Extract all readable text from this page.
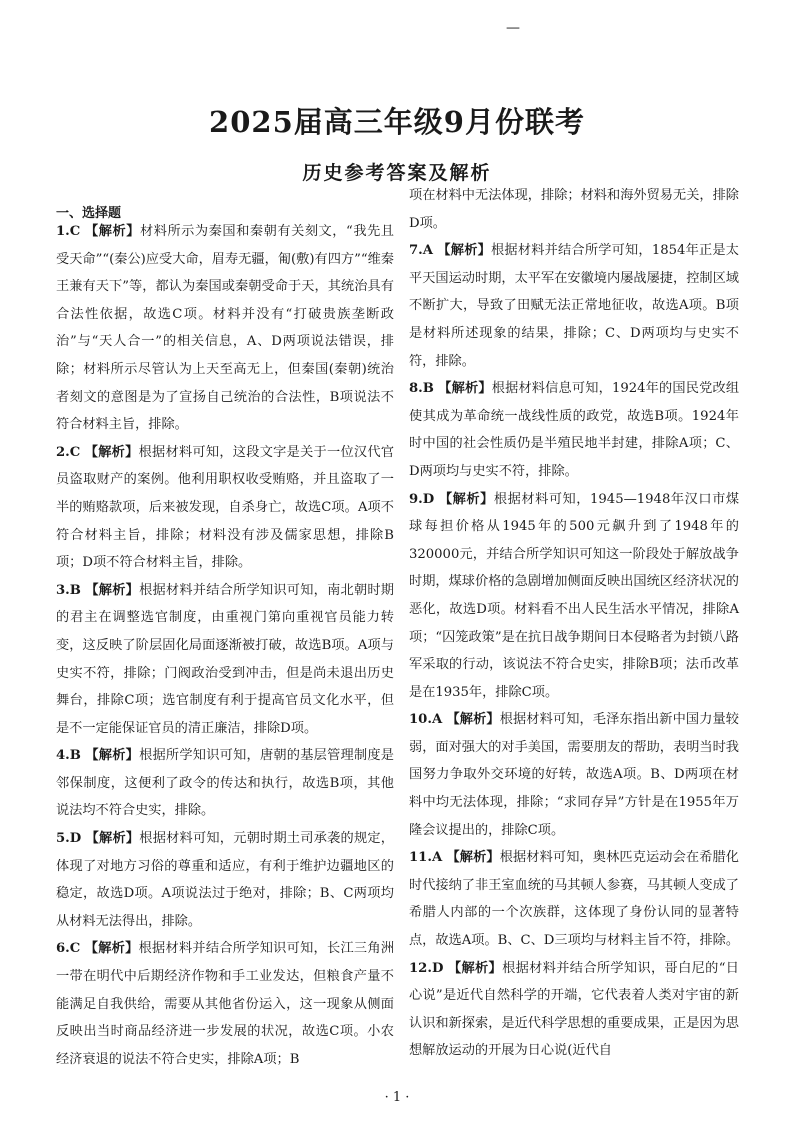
—
2025届高三年级9月份联考
历史参考答案及解析
一、选择题

1.C 【解析】材料所示为秦国和秦朝有关刻文，“我先且受天命”“(秦公)应受大命，眉寿无疆，匍(敷)有四方”“维秦王兼有天下”等，都认为秦国或秦朝受命于天，其统治具有合法性依据，故选C项。材料并没有“打破贵族垄断政治”与“天人合一”的相关信息，A、D两项说法错误，排除；材料所示尽管认为上天至高无上，但秦国(秦朝)统治者刻文的意图是为了宣扬自己统治的合法性，B项说法不符合材料主旨，排除。

2.C 【解析】根据材料可知，这段文字是关于一位汉代官员盗取财产的案例。他利用职权收受贿赂，并且盗取了一半的贿赂款项，后来被发现，自杀身亡，故选C项。A项不符合材料主旨，排除；材料没有涉及儒家思想，排除B项；D项不符合材料主旨，排除。

3.B 【解析】根据材料并结合所学知识可知，南北朝时期的君主在调整选官制度，由重视门第向重视官员能力转变，这反映了阶层固化局面逐渐被打破，故选B项。A项与史实不符，排除；门阀政治受到冲击，但是尚未退出历史舞台，排除C项；选官制度有利于提高官员文化水平，但是不一定能保证官员的清正廉洁，排除D项。

4.B 【解析】根据所学知识可知，唐朝的基层管理制度是邻保制度，这便利了政令的传达和执行，故选B项，其他说法均不符合史实，排除。

5.D 【解析】根据材料可知，元朝时期土司承袭的规定，体现了对地方习俗的尊重和适应，有利于维护边疆地区的稳定，故选D项。A项说法过于绝对，排除；B、C两项均从材料无法得出，排除。

6.C 【解析】根据材料并结合所学知识可知，长江三角洲一带在明代中后期经济作物和手工业发达，但粮食产量不能满足自我供给，需要从其他省份运入，这一现象从侧面反映出当时商品经济进一步发展的状况，故选C项。小农经济衰退的说法不符合史实，排除A项；B

项在材料中无法体现，排除；材料和海外贸易无关，排除D项。

7.A 【解析】根据材料并结合所学可知，1854年正是太平天国运动时期，太平军在安徽境内屡战屡捷，控制区域不断扩大，导致了田赋无法正常地征收，故选A项。B项是材料所述现象的结果，排除；C、D两项均与史实不符，排除。

8.B 【解析】根据材料信息可知，1924年的国民党改组使其成为革命统一战线性质的政党，故选B项。1924年时中国的社会性质仍是半殖民地半封建，排除A项；C、D两项均与史实不符，排除。

9.D 【解析】根据材料可知，1945—1948年汉口市煤球每担价格从1945年的500元飙升到了1948年的320000元，并结合所学知识可知这一阶段处于解放战争时期，煤球价格的急剧增加侧面反映出国统区经济状况的恶化，故选D项。材料看不出人民生活水平情况，排除A项；“囚笼政策”是在抗日战争期间日本侵略者为封锁八路军采取的行动，该说法不符合史实，排除B项；法币改革是在1935年，排除C项。

10.A 【解析】根据材料可知，毛泽东指出新中国力量较弱，面对强大的对手美国，需要朋友的帮助，表明当时我国努力争取外交环境的好转，故选A项。B、D两项在材料中均无法体现，排除；“求同存异”方针是在1955年万隆会议提出的，排除C项。

11.A 【解析】根据材料可知，奥林匹克运动会在希腊化时代接纳了非王室血统的马其顿人参赛，马其顿人变成了希腊人内部的一个次族群，这体现了身份认同的显著特点，故选A项。B、C、D三项均与材料主旨不符，排除。

12.D 【解析】根据材料并结合所学知识，哥白尼的“日心说”是近代自然科学的开端，它代表着人类对宇宙的新认识和新探索，是近代科学思想的重要成果，正是因为思想解放运动的开展为日心说(近代自

· 1 ·
